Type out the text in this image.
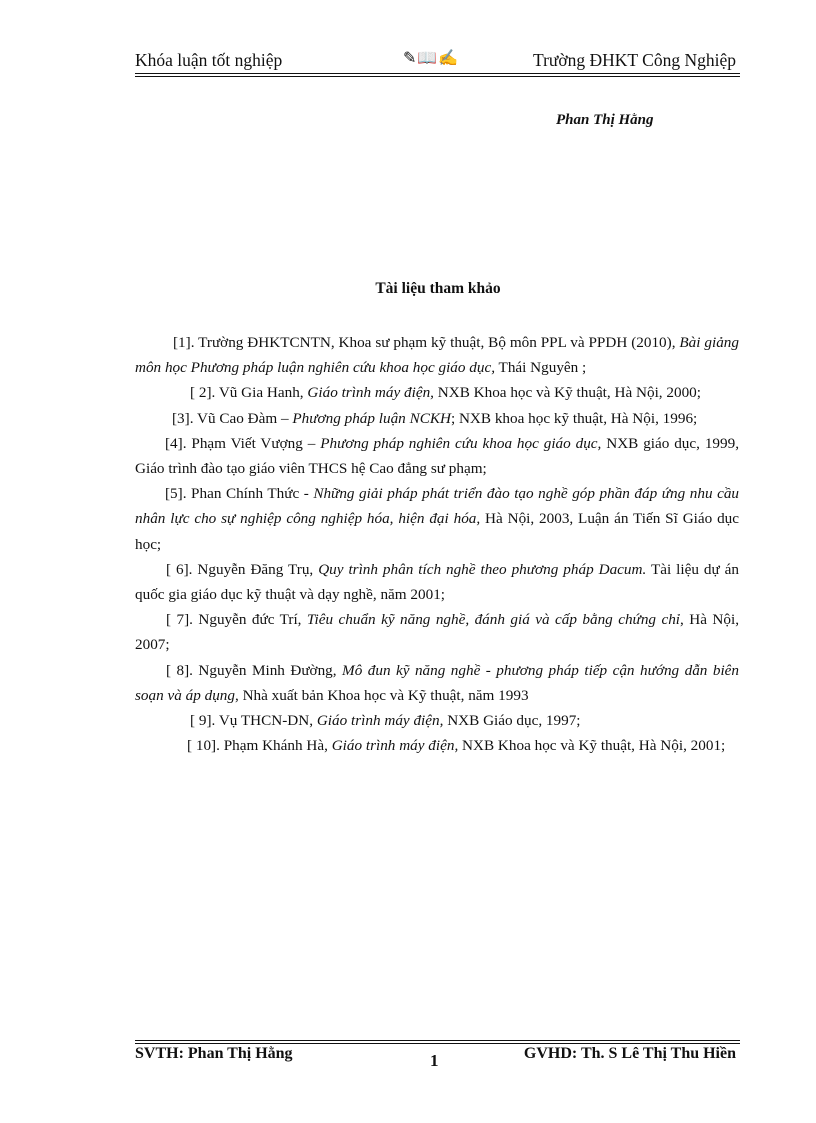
Khóa luận tốt nghiệp	✎📖✍	Trường ĐHKT Công Nghiệp
Phan Thị Hằng
Tài liệu tham khảo

[1]. Trường ĐHKTCNTN, Khoa sư phạm kỹ thuật, Bộ môn PPL và PPDH (2010), Bài giảng môn học Phương pháp luận nghiên cứu khoa học giáo dục, Thái Nguyên ;

[ 2]. Vũ Gia Hanh, Giáo trình máy điện, NXB Khoa học và Kỹ thuật, Hà Nội, 2000;

[3]. Vũ Cao Đàm – Phương pháp luận NCKH; NXB khoa học kỹ thuật, Hà Nội, 1996;

[4]. Phạm Viết Vượng – Phương pháp nghiên cứu khoa học giáo dục, NXB giáo dục, 1999, Giáo trình đào tạo giáo viên THCS hệ Cao đẳng sư phạm;

[5]. Phan Chính Thức - Những giải pháp phát triển đào tạo nghề góp phần đáp ứng nhu cầu nhân lực cho sự nghiệp công nghiệp hóa, hiện đại hóa, Hà Nội, 2003, Luận án Tiến Sĩ Giáo dục học;

[ 6]. Nguyễn Đăng Trụ, Quy trình phân tích nghề theo phương pháp Dacum. Tài liệu dự án quốc gia giáo dục kỹ thuật và dạy nghề, năm 2001;

[ 7]. Nguyễn đức Trí, Tiêu chuẩn kỹ năng nghề, đánh giá và cấp bằng chứng chỉ, Hà Nội, 2007;

[ 8]. Nguyễn Minh Đường, Mô đun kỹ năng nghề - phương pháp tiếp cận hướng dẫn biên soạn và áp dụng, Nhà xuất bản Khoa học và Kỹ thuật, năm 1993

[ 9]. Vụ THCN-DN, Giáo trình máy điện, NXB Giáo dục, 1997;

[ 10]. Phạm Khánh Hà, Giáo trình máy điện, NXB Khoa học và Kỹ thuật, Hà Nội, 2001;

SVTH: Phan Thị Hằng	1	GVHD: Th. S Lê Thị Thu Hiền
